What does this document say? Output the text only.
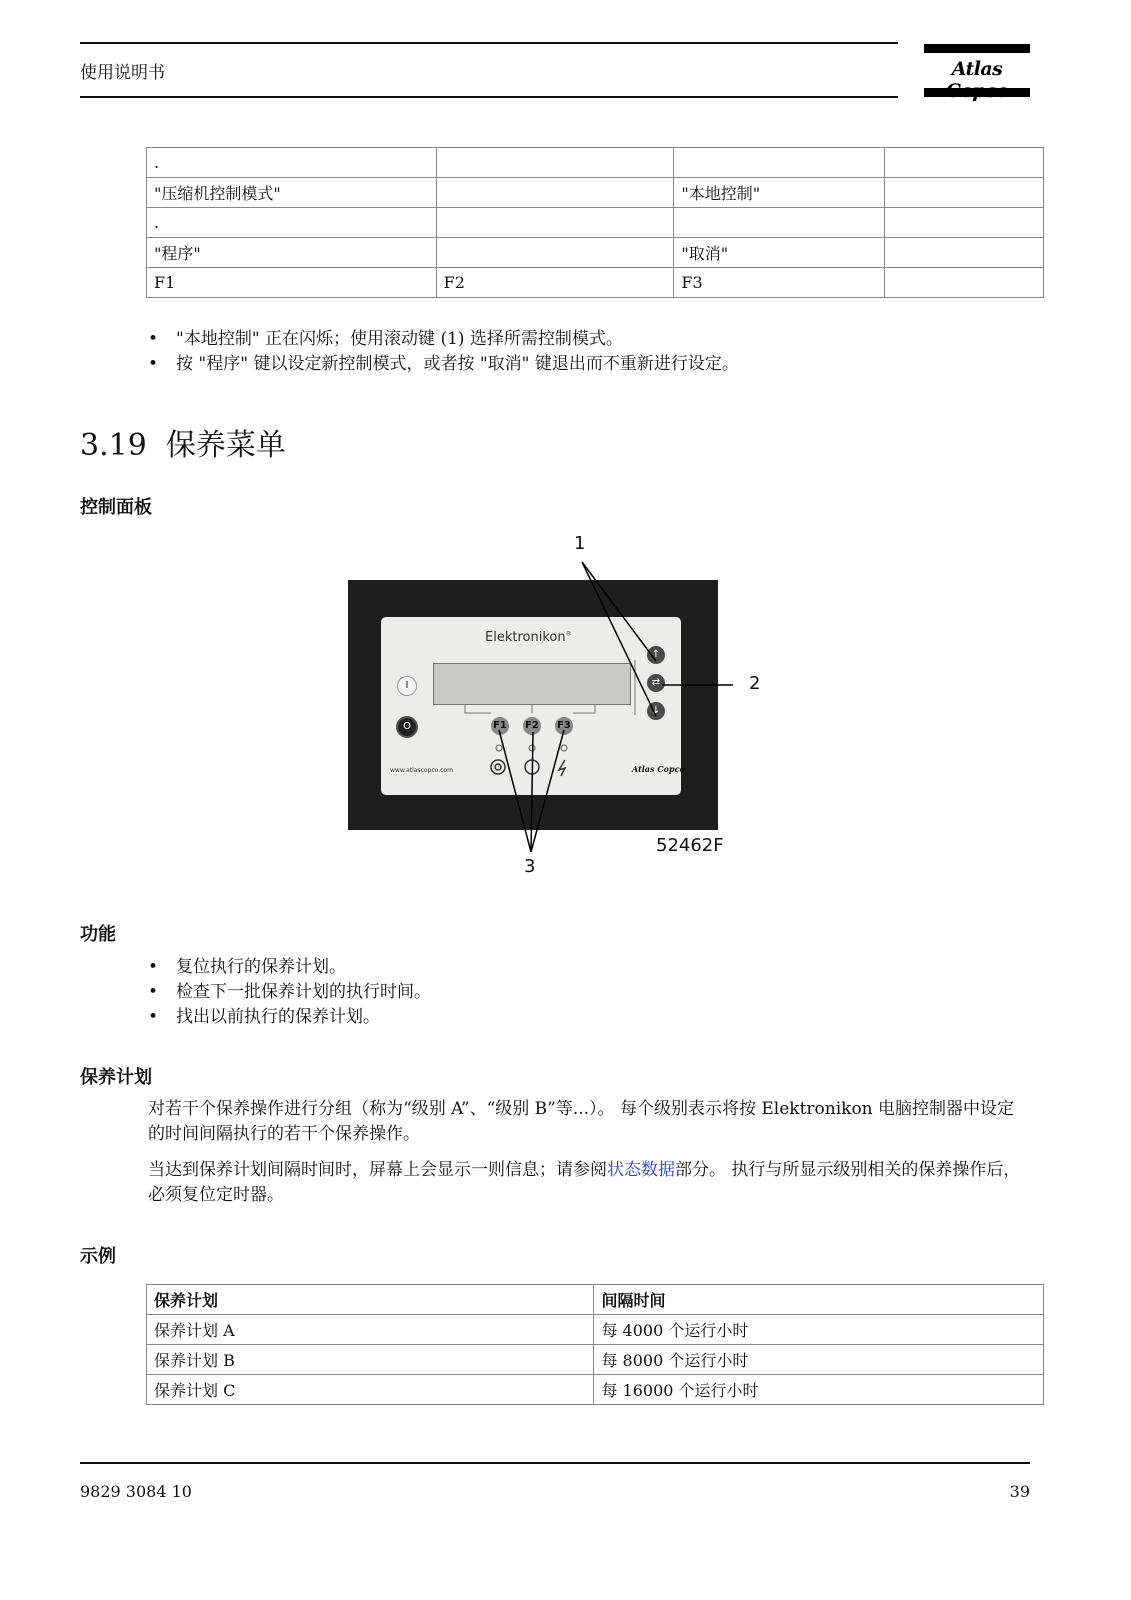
使用说明书	Atlas
.			
"压缩机控制模式"		"本地控制"	
.			
"程序"		"取消"	
F1	F2	F3	
•	"本地控制" 正在闪烁；使用滚动键 (1) 选择所需控制模式。
•	按 "程序" 键以设定新控制模式，或者按 "取消" 键退出而不重新进行设定。
3.19 保养菜单
控制面板
Elektronikon®
I
O
↑
⇄
↓
F1 F2 F3
www.atlascopco.com	Atlas Copco
1
2
3
52462F
功能
•	复位执行的保养计划。
•	检查下一批保养计划的执行时间。
•	找出以前执行的保养计划。
保养计划
对若干个保养操作进行分组（称为“级别 A”、“级别 B”等...）。 每个级别表示将按 Elektronikon 电脑控制器中设定的时间间隔执行的若干个保养操作。
当达到保养计划间隔时间时，屏幕上会显示一则信息；请参阅状态数据部分。 执行与所显示级别相关的保养操作后，必须复位定时器。
示例
保养计划	间隔时间
保养计划 A	每 4000 个运行小时
保养计划 B	每 8000 个运行小时
保养计划 C	每 16000 个运行小时
9829 3084 10	39
